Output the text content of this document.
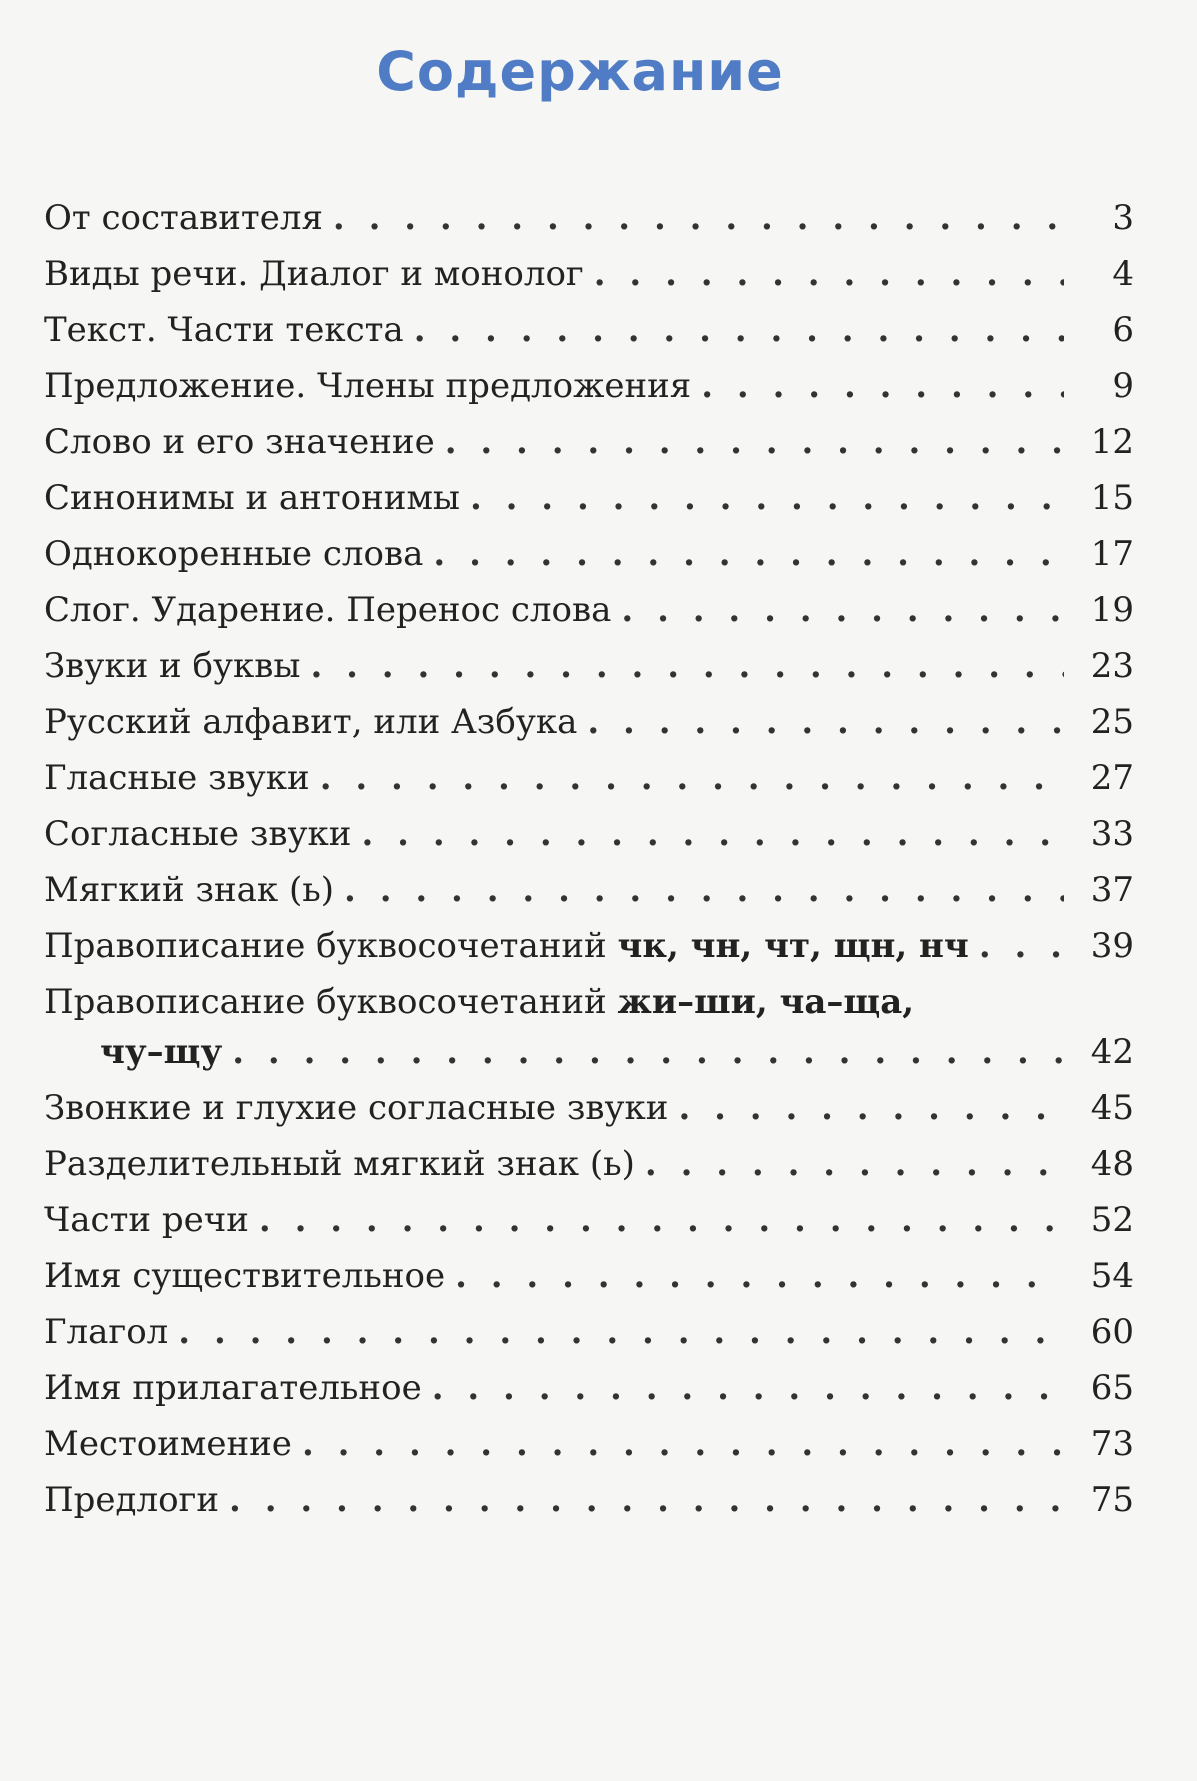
Содержание
От составителя . . .	3
Виды речи. Диалог и монолог . . .	4
Текст. Части текста . . .	6
Предложение. Члены предложения . . .	9
Слово и его значение . . .	12
Синонимы и антонимы . . .	15
Однокоренные слова . . .	17
Слог. Ударение. Перенос слова . . .	19
Звуки и буквы . . .	23
Русский алфавит, или Азбука . . .	25
Гласные звуки . . .	27
Согласные звуки . . .	33
Мягкий знак (ь) . . .	37
Правописание буквосочетаний чк, чн, чт, щн, нч . . .	39
Правописание буквосочетаний жи–ши, ча–ща,
чу–щу . . .	42
Звонкие и глухие согласные звуки . . .	45
Разделительный мягкий знак (ь) . . .	48
Части речи . . .	52
Имя существительное . . .	54
Глагол . . .	60
Имя прилагательное . . .	65
Местоимение . . .	73
Предлоги . . .	75
